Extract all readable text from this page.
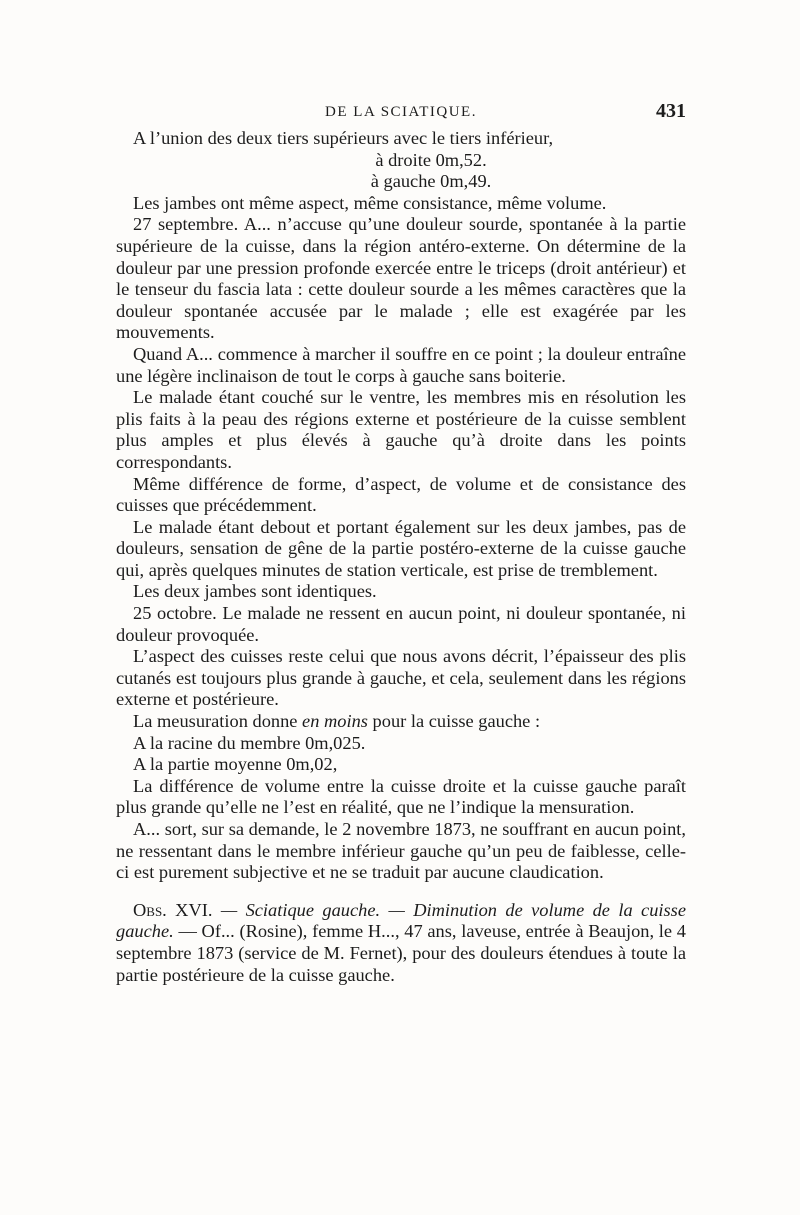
DE LA SCIATIQUE.	431

A l’union des deux tiers supérieurs avec le tiers inférieur,

à droite 0m,52.

à gauche 0m,49.

Les jambes ont même aspect, même consistance, même volume.

27 septembre. A... n’accuse qu’une douleur sourde, spontanée à la partie supérieure de la cuisse, dans la région antéro-externe. On détermine de la douleur par une pression profonde exercée entre le triceps (droit antérieur) et le tenseur du fascia lata : cette douleur sourde a les mêmes caractères que la douleur spontanée accusée par le malade ; elle est exagérée par les mouvements.

Quand A... commence à marcher il souffre en ce point ; la douleur entraîne une légère inclinaison de tout le corps à gauche sans boiterie.

Le malade étant couché sur le ventre, les membres mis en résolution les plis faits à la peau des régions externe et postérieure de la cuisse semblent plus amples et plus élevés à gauche qu’à droite dans les points correspondants.

Même différence de forme, d’aspect, de volume et de consistance des cuisses que précédemment.

Le malade étant debout et portant également sur les deux jambes, pas de douleurs, sensation de gêne de la partie postéro-externe de la cuisse gauche qui, après quelques minutes de station verticale, est prise de tremblement.

Les deux jambes sont identiques.

25 octobre. Le malade ne ressent en aucun point, ni douleur spontanée, ni douleur provoquée.

L’aspect des cuisses reste celui que nous avons décrit, l’épaisseur des plis cutanés est toujours plus grande à gauche, et cela, seulement dans les régions externe et postérieure.

La meusuration donne en moins pour la cuisse gauche :

A la racine du membre 0m,025.

A la partie moyenne 0m,02,

La différence de volume entre la cuisse droite et la cuisse gauche paraît plus grande qu’elle ne l’est en réalité, que ne l’indique la mensuration.

A... sort, sur sa demande, le 2 novembre 1873, ne souffrant en aucun point, ne ressentant dans le membre inférieur gauche qu’un peu de faiblesse, celle-ci est purement subjective et ne se traduit par aucune claudication.

Obs. XVI. — Sciatique gauche. — Diminution de volume de la cuisse gauche. — Of... (Rosine), femme H..., 47 ans, laveuse, entrée à Beaujon, le 4 septembre 1873 (service de M. Fernet), pour des douleurs étendues à toute la partie postérieure de la cuisse gauche.
